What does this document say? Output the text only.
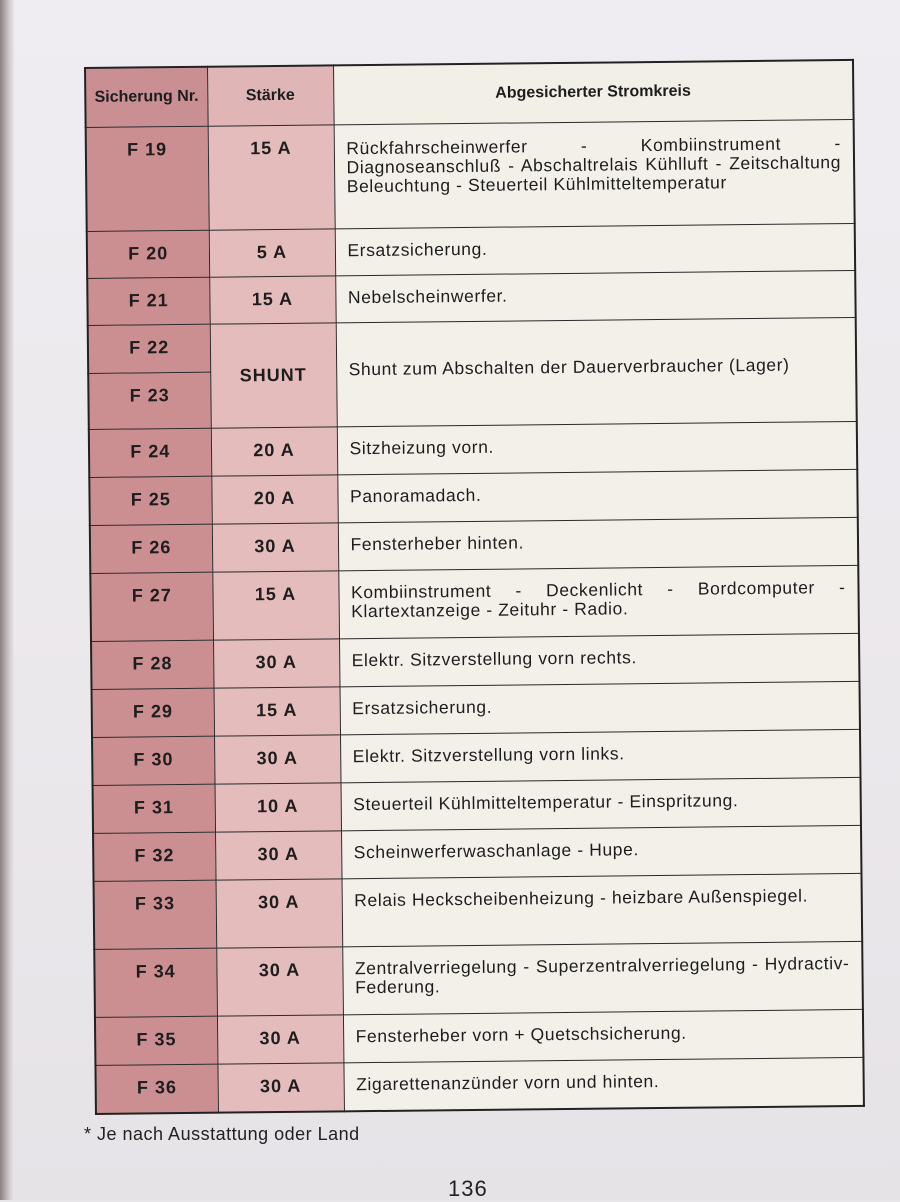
Sicherung Nr.	Stärke	Abgesicherter Stromkreis
F 19	15 A	Rückfahrscheinwerfer - Kombiinstrument - Diagnoseanschluß - Abschaltrelais Kühlluft - Zeitschaltung Beleuchtung - Steuerteil Kühlmitteltemperatur
F 20	5 A	Ersatzsicherung.
F 21	15 A	Nebelscheinwerfer.
F 22	SHUNT	Shunt zum Abschalten der Dauerverbraucher (Lager)
F 23		
F 24	20 A	Sitzheizung vorn.
F 25	20 A	Panoramadach.
F 26	30 A	Fensterheber hinten.
F 27	15 A	Kombiinstrument - Deckenlicht - Bordcomputer - Klartextanzeige - Zeituhr - Radio.
F 28	30 A	Elektr. Sitzverstellung vorn rechts.
F 29	15 A	Ersatzsicherung.
F 30	30 A	Elektr. Sitzverstellung vorn links.
F 31	10 A	Steuerteil Kühlmitteltemperatur - Einspritzung.
F 32	30 A	Scheinwerferwaschanlage - Hupe.
F 33	30 A	Relais Heckscheibenheizung - heizbare Außenspiegel.
F 34	30 A	Zentralverriegelung - Superzentralverriegelung - Hydractiv-Federung.
F 35	30 A	Fensterheber vorn + Quetschsicherung.
F 36	30 A	Zigarettenanzünder vorn und hinten.
* Je nach Ausstattung oder Land
136
